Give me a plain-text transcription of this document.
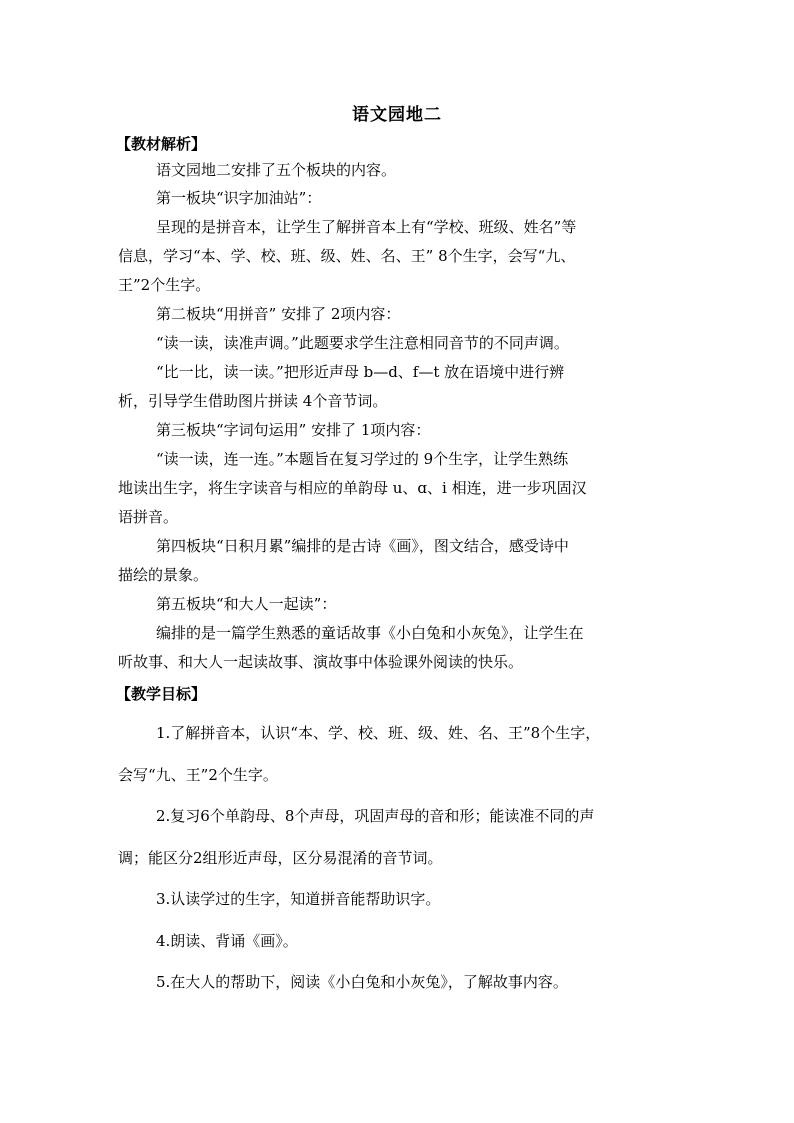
语文园地二
【教材解析】
语文园地二安排了五个板块的内容。
第一板块“识字加油站”：
呈现的是拼音本，让学生了解拼音本上有“学校、班级、姓名”等
信息，学习“本、学、校、班、级、姓、名、王” 8个生字，会写“九、
王”2个生字。
第二板块“用拼音” 安排了 2项内容：
“读一读，读准声调。”此题要求学生注意相同音节的不同声调。
“比一比，读一读。”把形近声母 b—d、f—t 放在语境中进行辨
析，引导学生借助图片拼读 4个音节词。
第三板块“字词句运用” 安排了 1项内容：
“读一读，连一连。”本题旨在复习学过的 9个生字，让学生熟练
地读出生字，将生字读音与相应的单韵母 u、ɑ、i 相连，进一步巩固汉
语拼音。
第四板块“日积月累”编排的是古诗《画》，图文结合，感受诗中
描绘的景象。
第五板块“和大人一起读”：
编排的是一篇学生熟悉的童话故事《小白兔和小灰兔》，让学生在
听故事、和大人一起读故事、演故事中体验课外阅读的快乐。
【教学目标】
1.了解拼音本，认识“本、学、校、班、级、姓、名、王”8个生字，
会写“九、王”2个生字。
2.复习6个单韵母、8个声母，巩固声母的音和形；能读准不同的声
调；能区分2组形近声母，区分易混淆的音节词。
3.认读学过的生字，知道拼音能帮助识字。
4.朗读、背诵《画》。
5.在大人的帮助下，阅读《小白兔和小灰兔》，了解故事内容。
